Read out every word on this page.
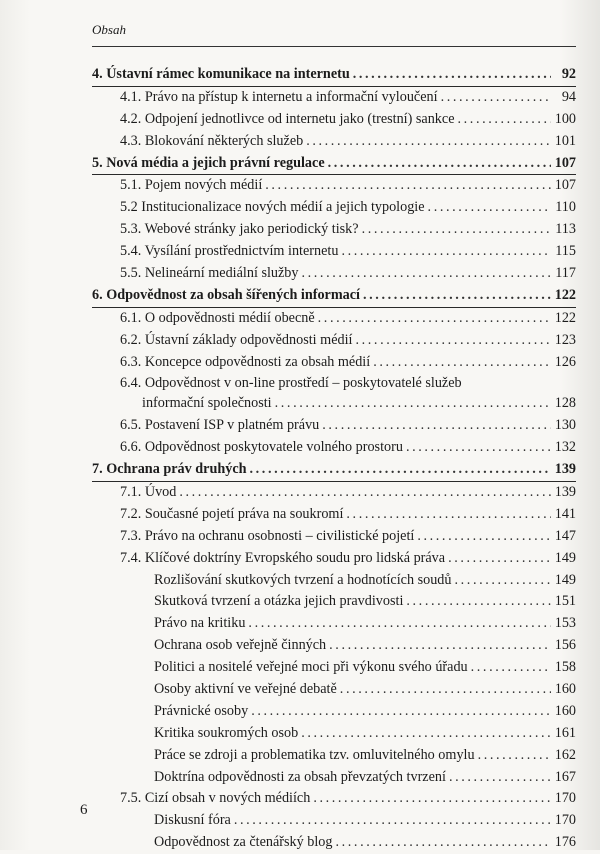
Obsah
4. Ústavní rámec komunikace na internetu .....	92
4.1. Právo na přístup k internetu a informační vyloučení .....	94
4.2. Odpojení jednotlivce od internetu jako (trestní) sankce .....	100
4.3. Blokování některých služeb .....	101
5. Nová média a jejich právní regulace .....	107
5.1. Pojem nových médií .....	107
5.2 Institucionalizace nových médií a jejich typologie .....	110
5.3. Webové stránky jako periodický tisk? .....	113
5.4. Vysílání prostřednictvím internetu .....	115
5.5. Nelineární mediální služby .....	117
6. Odpovědnost za obsah šířených informací .....	122
6.1. O odpovědnosti médií obecně .....	122
6.2. Ústavní základy odpovědnosti médií .....	123
6.3. Koncepce odpovědnosti za obsah médií .....	126
6.4. Odpovědnost v on-line prostředí – poskytovatelé služeb
informační společnosti .....	128
6.5. Postavení ISP v platném právu .....	130
6.6. Odpovědnost poskytovatele volného prostoru .....	132
7. Ochrana práv druhých .....	139
7.1. Úvod .....	139
7.2. Současné pojetí práva na soukromí .....	141
7.3. Právo na ochranu osobnosti – civilistické pojetí .....	147
7.4. Klíčové doktríny Evropského soudu pro lidská práva .....	149
Rozlišování skutkových tvrzení a hodnotících soudů .....	149
Skutková tvrzení a otázka jejich pravdivosti .....	151
Právo na kritiku .....	153
Ochrana osob veřejně činných .....	156
Politici a nositelé veřejné moci při výkonu svého úřadu .....	158
Osoby aktivní ve veřejné debatě .....	160
Právnické osoby .....	160
Kritika soukromých osob .....	161
Práce se zdroji a problematika tzv. omluvitelného omylu .....	162
Doktrína odpovědnosti za obsah převzatých tvrzení .....	167
7.5. Cizí obsah v nových médiích .....	170
Diskusní fóra .....	170
Odpovědnost za čtenářský blog .....	176
6
